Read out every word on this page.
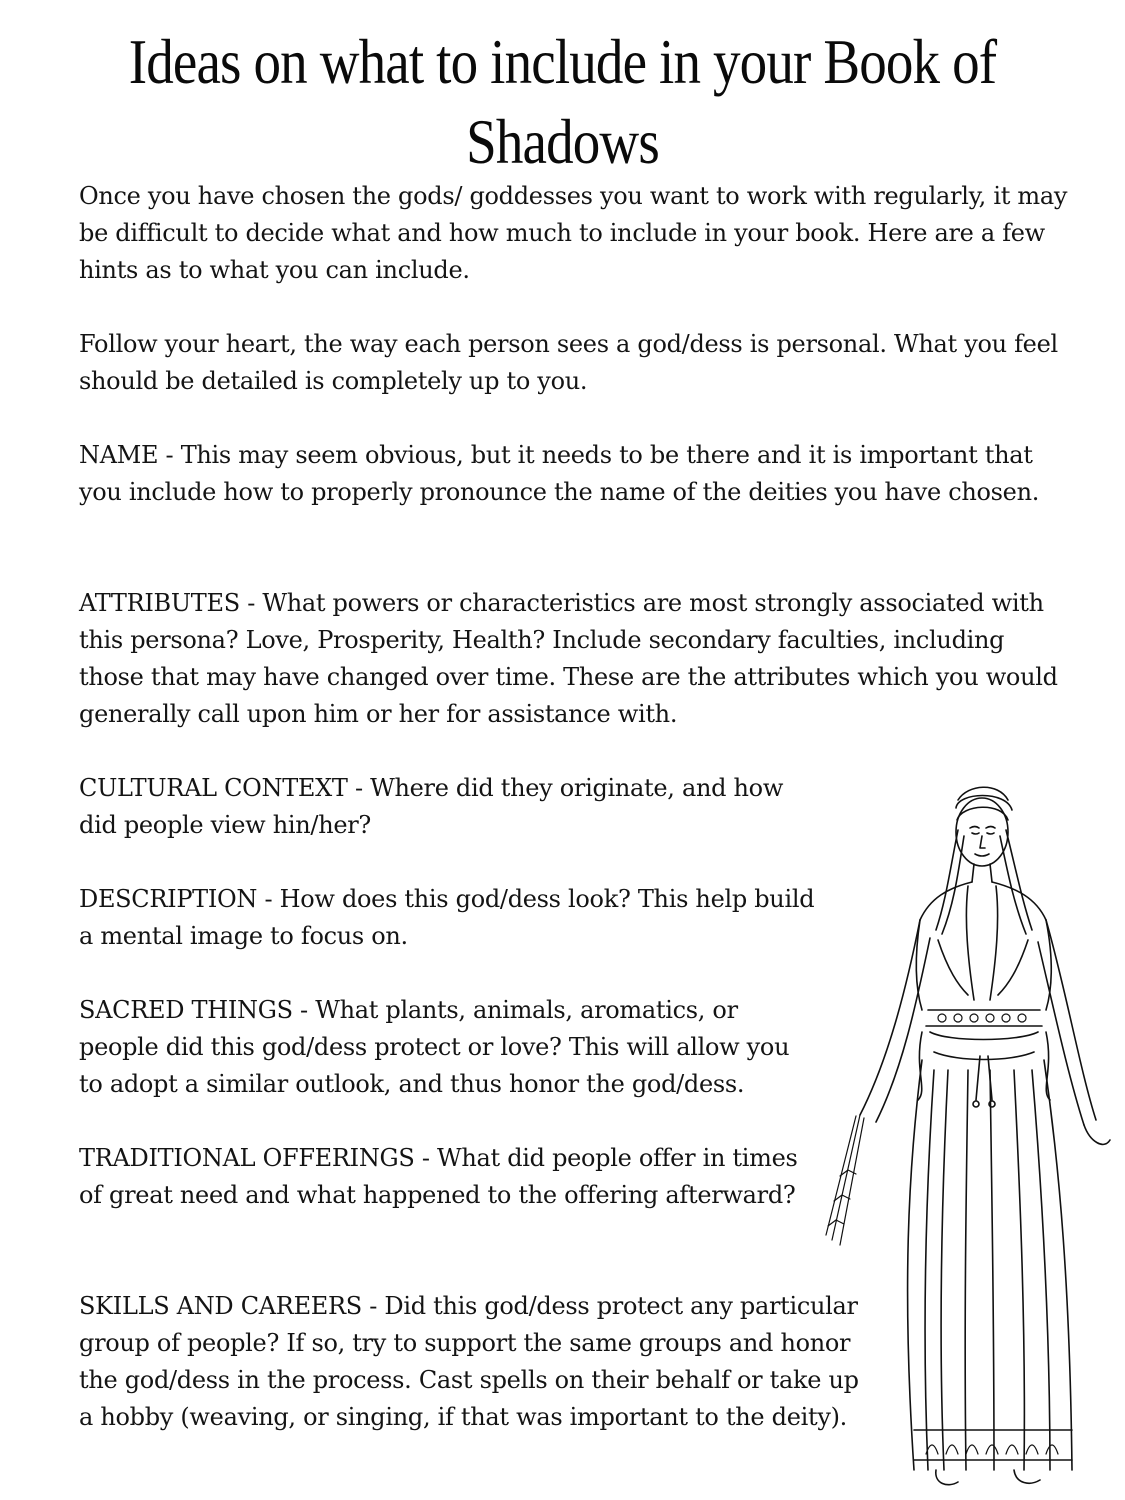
Ideas on what to include in your Book of Shadows

Once you have chosen the gods/ goddesses you want to work with regularly, it may be difficult to decide what and how much to include in your book. Here are a few hints as to what you can include.

Follow your heart, the way each person sees a god/dess is personal. What you feel should be detailed is completely up to you.

NAME - This may seem obvious, but it needs to be there and it is important that you include how to properly pronounce the name of the deities you have chosen.

ATTRIBUTES - What powers or characteristics are most strongly associated with this persona? Love, Prosperity, Health? Include secondary faculties, including those that may have changed over time. These are the attributes which you would generally call upon him or her for assistance with.

CULTURAL CONTEXT - Where did they originate, and how did people view hin/her?

DESCRIPTION - How does this god/dess look? This help build a mental image to focus on.

SACRED THINGS - What plants, animals, aromatics, or people did this god/dess protect or love? This will allow you to adopt a similar outlook, and thus honor the god/dess.

TRADITIONAL OFFERINGS - What did people offer in times of great need and what happened to the offering afterward?

SKILLS AND CAREERS - Did this god/dess protect any particular group of people? If so, try to support the same groups and honor the god/dess in the process. Cast spells on their behalf or take up a hobby (weaving, or singing, if that was important to the deity).
